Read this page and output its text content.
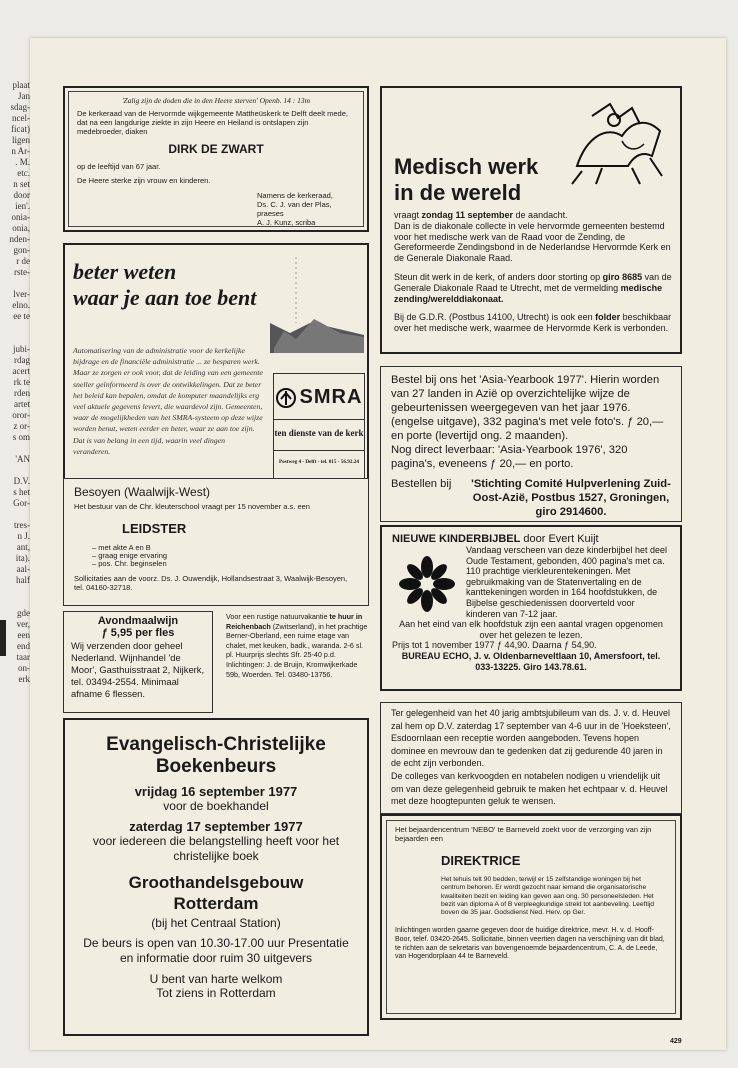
plaat
Jan
sdag-
ncel-
ficat)
ligen
n Ar-
. M.
etc.
n set
door
ien'.
onia-
onia,
nden-
gon-
r de
rste-

lver-
elno.
ee te

jubi-
rdag
acert
rk te
rden
artet
oror-
z or-
s om

'AN

D.V.
s het
Gor-

tres-
n J.
ant,
ita).
aal-
half

gde
ver,
een
end
taar
on-
erk
'Zalig zijn de doden die in den Heere sterven' Openb. 14 : 13m
De kerkeraad van de Hervormde wijkgemeente Mattheüskerk te Delft deelt mede, dat na een langdurige ziekte in zijn Heere en Heiland is ontslapen zijn medebroeder, diaken
DIRK DE ZWART
op de leeftijd van 67 jaar.
De Heere sterke zijn vrouw en kinderen.
Namens de kerkeraad,
Ds. C. J. van der Plas, praeses
A. J. Kunz, scriba
beter weten
waar je aan toe bent
Automatisering van de administratie voor de kerkelijke bijdrage en de financiële administratie ... ze besparen werk. Maar ze zorgen er ook voor, dat de leiding van een gemeente sneller geïnformeerd is over de ontwikkelingen. Dat ze beter het beleid kan bepalen, omdat de komputer maandelijks erg veel aktuele gegevens levert, die waardevol zijn. Gemeenten, waar de mogelijkheden van het SMRA-systeem op deze wijze worden benut, weten eerder en beter, waar ze aan toe zijn. Dat is van belang in een tijd, waarin veel dingen veranderen.
SMRA
ten dienste van de kerk
Postweg 4 - Delft - tel. 015 - 56.92.24
Besoyen (Waalwijk-West)
Het bestuur van de Chr. kleuterschool vraagt per 15 november a.s. een
LEIDSTER
– met akte A en B
– graag enige ervaring
– pos. Chr. beginselen
Sollicitaties aan de voorz. Ds. J. Ouwendijk, Hollandsestraat 3, Waalwijk-Besoyen, tel. 04160-32718.
Avondmaalwijn
ƒ 5,95 per fles
Wij verzenden door geheel Nederland. Wijnhandel 'de Moor', Gasthuisstraat 2, Nijkerk, tel. 03494-2554. Minimaal afname 6 flessen.
Voor een rustige natuurvakantie te huur in Reichenbach (Zwitserland), in het prachtige Berner-Oberland, een ruime etage van chalet, met keuken, badk., waranda. 2-6 sl. pl. Huurprijs slechts Sfr. 25-40 p.d. Inlichtingen: J. de Bruijn, Kromwijkerkade 59b, Woerden. Tel. 03480-13756.
Evangelisch-Christelijke
Boekenbeurs
vrijdag 16 september 1977
voor de boekhandel
zaterdag 17 september 1977
voor iedereen die belangstelling heeft voor het christelijke boek
Groothandelsgebouw
Rotterdam
(bij het Centraal Station)
De beurs is open van 10.30-17.00 uur Presentatie en informatie door ruim 30 uitgevers
U bent van harte welkom
Tot ziens in Rotterdam
Medisch werk
in de wereld
vraagt zondag 11 september de aandacht.
Dan is de diakonale collecte in vele hervormde gemeenten bestemd voor het medische werk van de Raad voor de Zending, de Gereformeerde Zendingsbond in de Nederlandse Hervormde Kerk en de Generale Diakonale Raad.
Steun dit werk in de kerk, of anders door storting op giro 8685 van de Generale Diakonale Raad te Utrecht, met de vermelding medische zending/werelddiakonaat.
Bij de G.D.R. (Postbus 14100, Utrecht) is ook een folder beschikbaar over het medische werk, waarmee de Hervormde Kerk is verbonden.
Bestel bij ons het 'Asia-Yearbook 1977'. Hierin worden van 27 landen in Azië op overzichtelijke wijze de gebeurtenissen weergegeven van het jaar 1976. (engelse uitgave), 332 pagina's met vele foto's. ƒ 20,— en porte (levertijd ong. 2 maanden).
Nog direct leverbaar: 'Asia-Yearbook 1976', 320 pagina's, eveneens ƒ 20,— en porto.
Bestellen bij	'Stichting Comité Hulpverlening Zuid-Oost-Azië, Postbus 1527, Groningen, giro 2914600.
NIEUWE KINDERBIJBEL door Evert Kuijt
Vandaag verscheen van deze kinderbijbel het deel Oude Testament, gebonden, 400 pagina's met ca. 110 prachtige vierkleurentekeningen. Met gebruikmaking van de Statenvertaling en de kanttekeningen worden in 164 hoofdstukken, de Bijbelse geschiedenissen doorverteld voor kinderen van 7-12 jaar.
Aan het eind van elk hoofdstuk zijn een aantal vragen opgenomen over het gelezen te lezen.
Prijs tot 1 november 1977 ƒ 44,90. Daarna ƒ 54,90.
BUREAU ECHO, J. v. Oldenbarneveltlaan 10, Amersfoort, tel. 033-13225. Giro 143.78.61.
Ter gelegenheid van het 40 jarig ambtsjubileum van ds. J. v. d. Heuvel zal hem op D.V. zaterdag 17 september van 4-6 uur in de 'Hoeksteen', Esdoornlaan een receptie worden aangeboden. Tevens hopen dominee en mevrouw dan te gedenken dat zij gedurende 40 jaren in de echt zijn verbonden.
De colleges van kerkvoogden en notabelen nodigen u vriendelijk uit om van deze gelegenheid gebruik te maken het echtpaar v. d. Heuvel met deze hoogtepunten geluk te wensen.
Het bejaardencentrum 'NEBO' te Barneveld zoekt voor de verzorging van zijn bejaarden een
DIREKTRICE
Het tehuis telt 90 bedden, terwijl er 15 zelfstandige woningen bij het centrum behoren. Er wordt gezocht naar iemand die organisatorische kwaliteiten bezit en leiding kan geven aan ong. 30 personeelsleden. Het bezit van diploma A of B verpleegkundige strekt tot aanbeveling. Leeftijd boven de 35 jaar. Godsdienst Ned. Herv. op Ger.
Inlichtingen worden gaarne gegeven door de huidige direktrice, mevr. H. v. d. Hooff-Boor, telef. 03420-2645. Sollicitatie, binnen veertien dagen na verschijning van dit blad, te richten aan de sekretaris van bovengenoemde bejaardencentrum, C. A. de Leede, van Hogendorplaan 44 te Barneveld.
429
